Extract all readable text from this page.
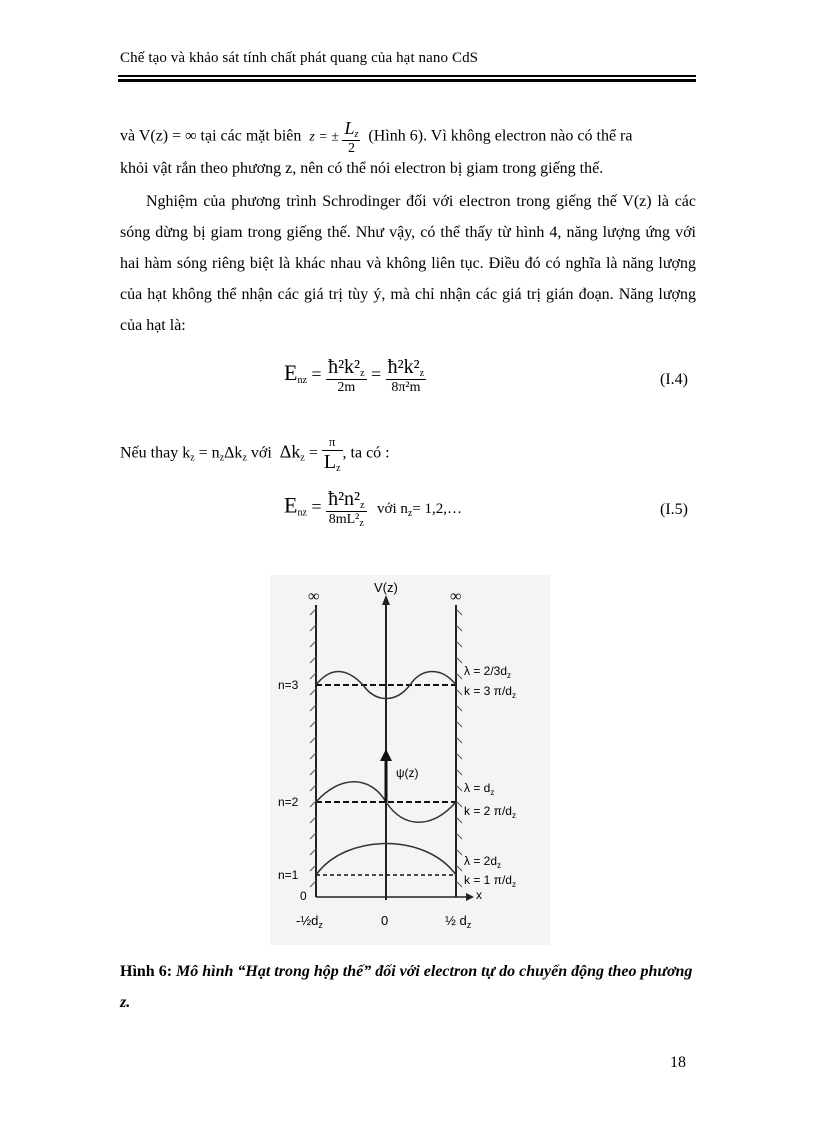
Chế tạo và khảo sát tính chất phát quang của hạt nano CdS
và V(z) = ∞ tại các mặt biên z = ± $\frac{L_z}{2}$ (Hình 6). Vì không electron nào có thể ra
khỏi vật rắn theo phương z, nên có thể nói electron bị giam trong giếng thế.
Nghiệm của phương trình Schrodinger đối với electron trong giếng thế V(z) là các sóng dừng bị giam trong giếng thế. Như vậy, có thể thấy từ hình 4, năng lượng ứng với hai hàm sóng riêng biệt là khác nhau và không liên tục. Điều đó có nghĩa là năng lượng của hạt không thể nhận các giá trị tùy ý, mà chỉ nhận các giá trị gián đoạn. Năng lượng của hạt là:
$E_{nz} = \frac{ħ^2k^2_z}{2m} = \frac{ħ^2k^2_z}{\text{8π²m}}$	(I.4)
Nếu thay $k_z = n_z\Delta k_z$ với $\Delta k_z = \frac{\pi}{L_z}$ , ta có :
$E_{nz} = \frac{ħ^2n^2_z}{8mL^2_z}$ với $n_z=$ 1,2,…	(I.5)
∞	∞
V(z)
ψ(z)
x
n=3
n=2
n=1
0
$\lambda = 2/3d_z$
k = 3 $\pi/d_z$
$\lambda = d_z$
k = 2 $\pi/d_z$
$\lambda = 2d_z$
k = 1 $\pi/d_z$
$-\frac{1}{2}d_z$	0	½ $d_z$
Hình 6: Mô hình “Hạt trong hộp thế” đối với electron tự do chuyển động theo phương z.
18
